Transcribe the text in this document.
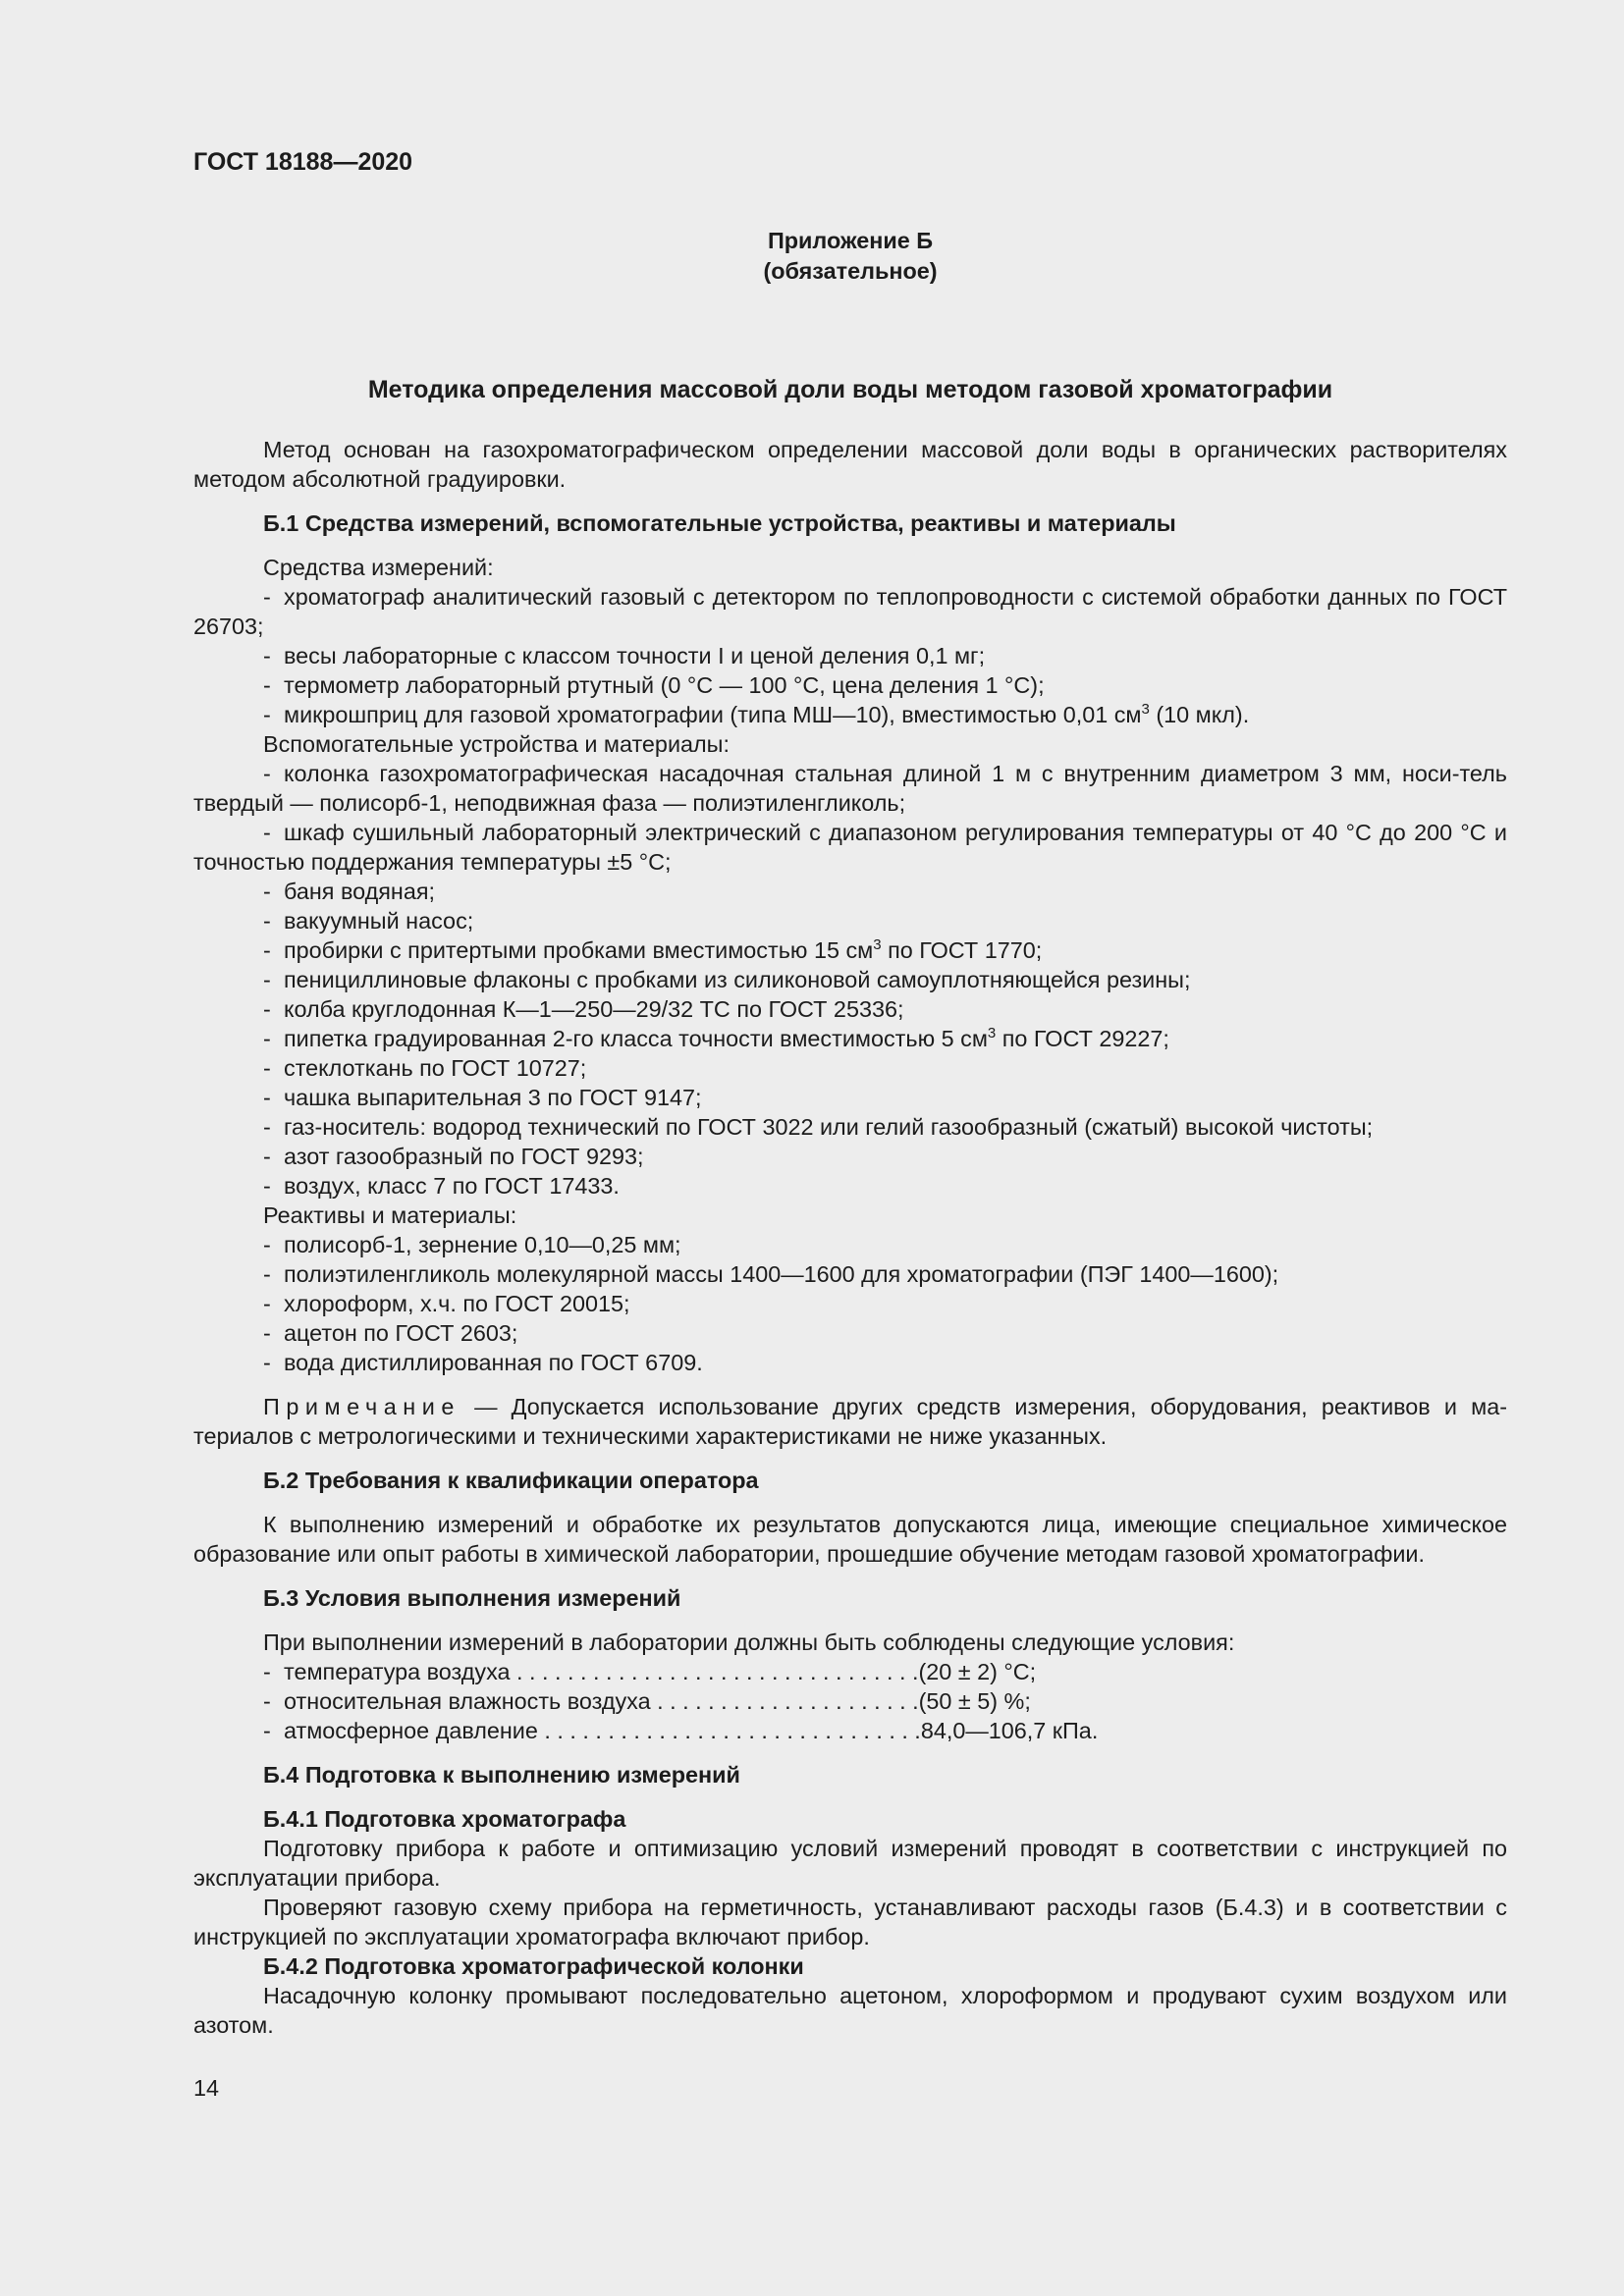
ГОСТ 18188—2020
Приложение Б
(обязательное)
Методика определения массовой доли воды методом газовой хроматографии

Метод основан на газохроматографическом определении массовой доли воды в органических растворителях методом абсолютной градуировки.

Б.1 Средства измерений, вспомогательные устройства, реактивы и материалы

Средства измерений:

- хроматограф аналитический газовый с детектором по теплопроводности с системой обработки данных по ГОСТ 26703;
- весы лабораторные с классом точности I и ценой деления 0,1 мг;
- термометр лабораторный ртутный (0 °С — 100 °С, цена деления 1 °С);
- микрошприц для газовой хроматографии (типа МШ—10), вместимостью 0,01 $см^3$ (10 мкл).

Вспомогательные устройства и материалы:

- колонка газохроматографическая насадочная стальная длиной 1 м с внутренним диаметром 3 мм, носи-тель твердый — полисорб-1, неподвижная фаза — полиэтиленгликоль;
- шкаф сушильный лабораторный электрический с диапазоном регулирования температуры от 40 °С до 200 °С и точностью поддержания температуры ±5 °С;
- баня водяная;
- вакуумный насос;
- пробирки с притертыми пробками вместимостью 15 $см^3$ по ГОСТ 1770;
- пенициллиновые флаконы с пробками из силиконовой самоуплотняющейся резины;
- колба круглодонная К—1—250—29/32 ТС по ГОСТ 25336;
- пипетка градуированная 2-го класса точности вместимостью 5 $см^3$ по ГОСТ 29227;
- стеклоткань по ГОСТ 10727;
- чашка выпарительная 3 по ГОСТ 9147;
- газ-носитель: водород технический по ГОСТ 3022 или гелий газообразный (сжатый) высокой чистоты;
- азот газообразный по ГОСТ 9293;
- воздух, класс 7 по ГОСТ 17433.

Реактивы и материалы:

- полисорб-1, зернение 0,10—0,25 мм;
- полиэтиленгликоль молекулярной массы 1400—1600 для хроматографии (ПЭГ 1400—1600);
- хлороформ, х.ч. по ГОСТ 20015;
- ацетон по ГОСТ 2603;
- вода дистиллированная по ГОСТ 6709.

Примечание — Допускается использование других средств измерения, оборудования, реактивов и ма-териалов с метрологическими и техническими характеристиками не ниже указанных.

Б.2 Требования к квалификации оператора

К выполнению измерений и обработке их результатов допускаются лица, имеющие специальное химическое образование или опыт работы в химической лаборатории, прошедшие обучение методам газовой хроматографии.

Б.3 Условия выполнения измерений

При выполнении измерений в лаборатории должны быть соблюдены следующие условия:

- температура воздуха . . . . . . . . . . . . . . . . . . . . . . . . . . . . . . . .(20 ± 2) °С;
- относительная влажность воздуха . . . . . . . . . . . . . . . . . . . . .(50 ± 5) %;
- атмосферное давление . . . . . . . . . . . . . . . . . . . . . . . . . . . . . .84,0—106,7 кПа.
Б.4 Подготовка к выполнению измерений
Б.4.1 Подготовка хроматографа

Подготовку прибора к работе и оптимизацию условий измерений проводят в соответствии с инструкцией по эксплуатации прибора.

Проверяют газовую схему прибора на герметичность, устанавливают расходы газов (Б.4.3) и в соответствии с инструкцией по эксплуатации хроматографа включают прибор.

Б.4.2 Подготовка хроматографической колонки

Насадочную колонку промывают последовательно ацетоном, хлороформом и продувают сухим воздухом или азотом.

14
